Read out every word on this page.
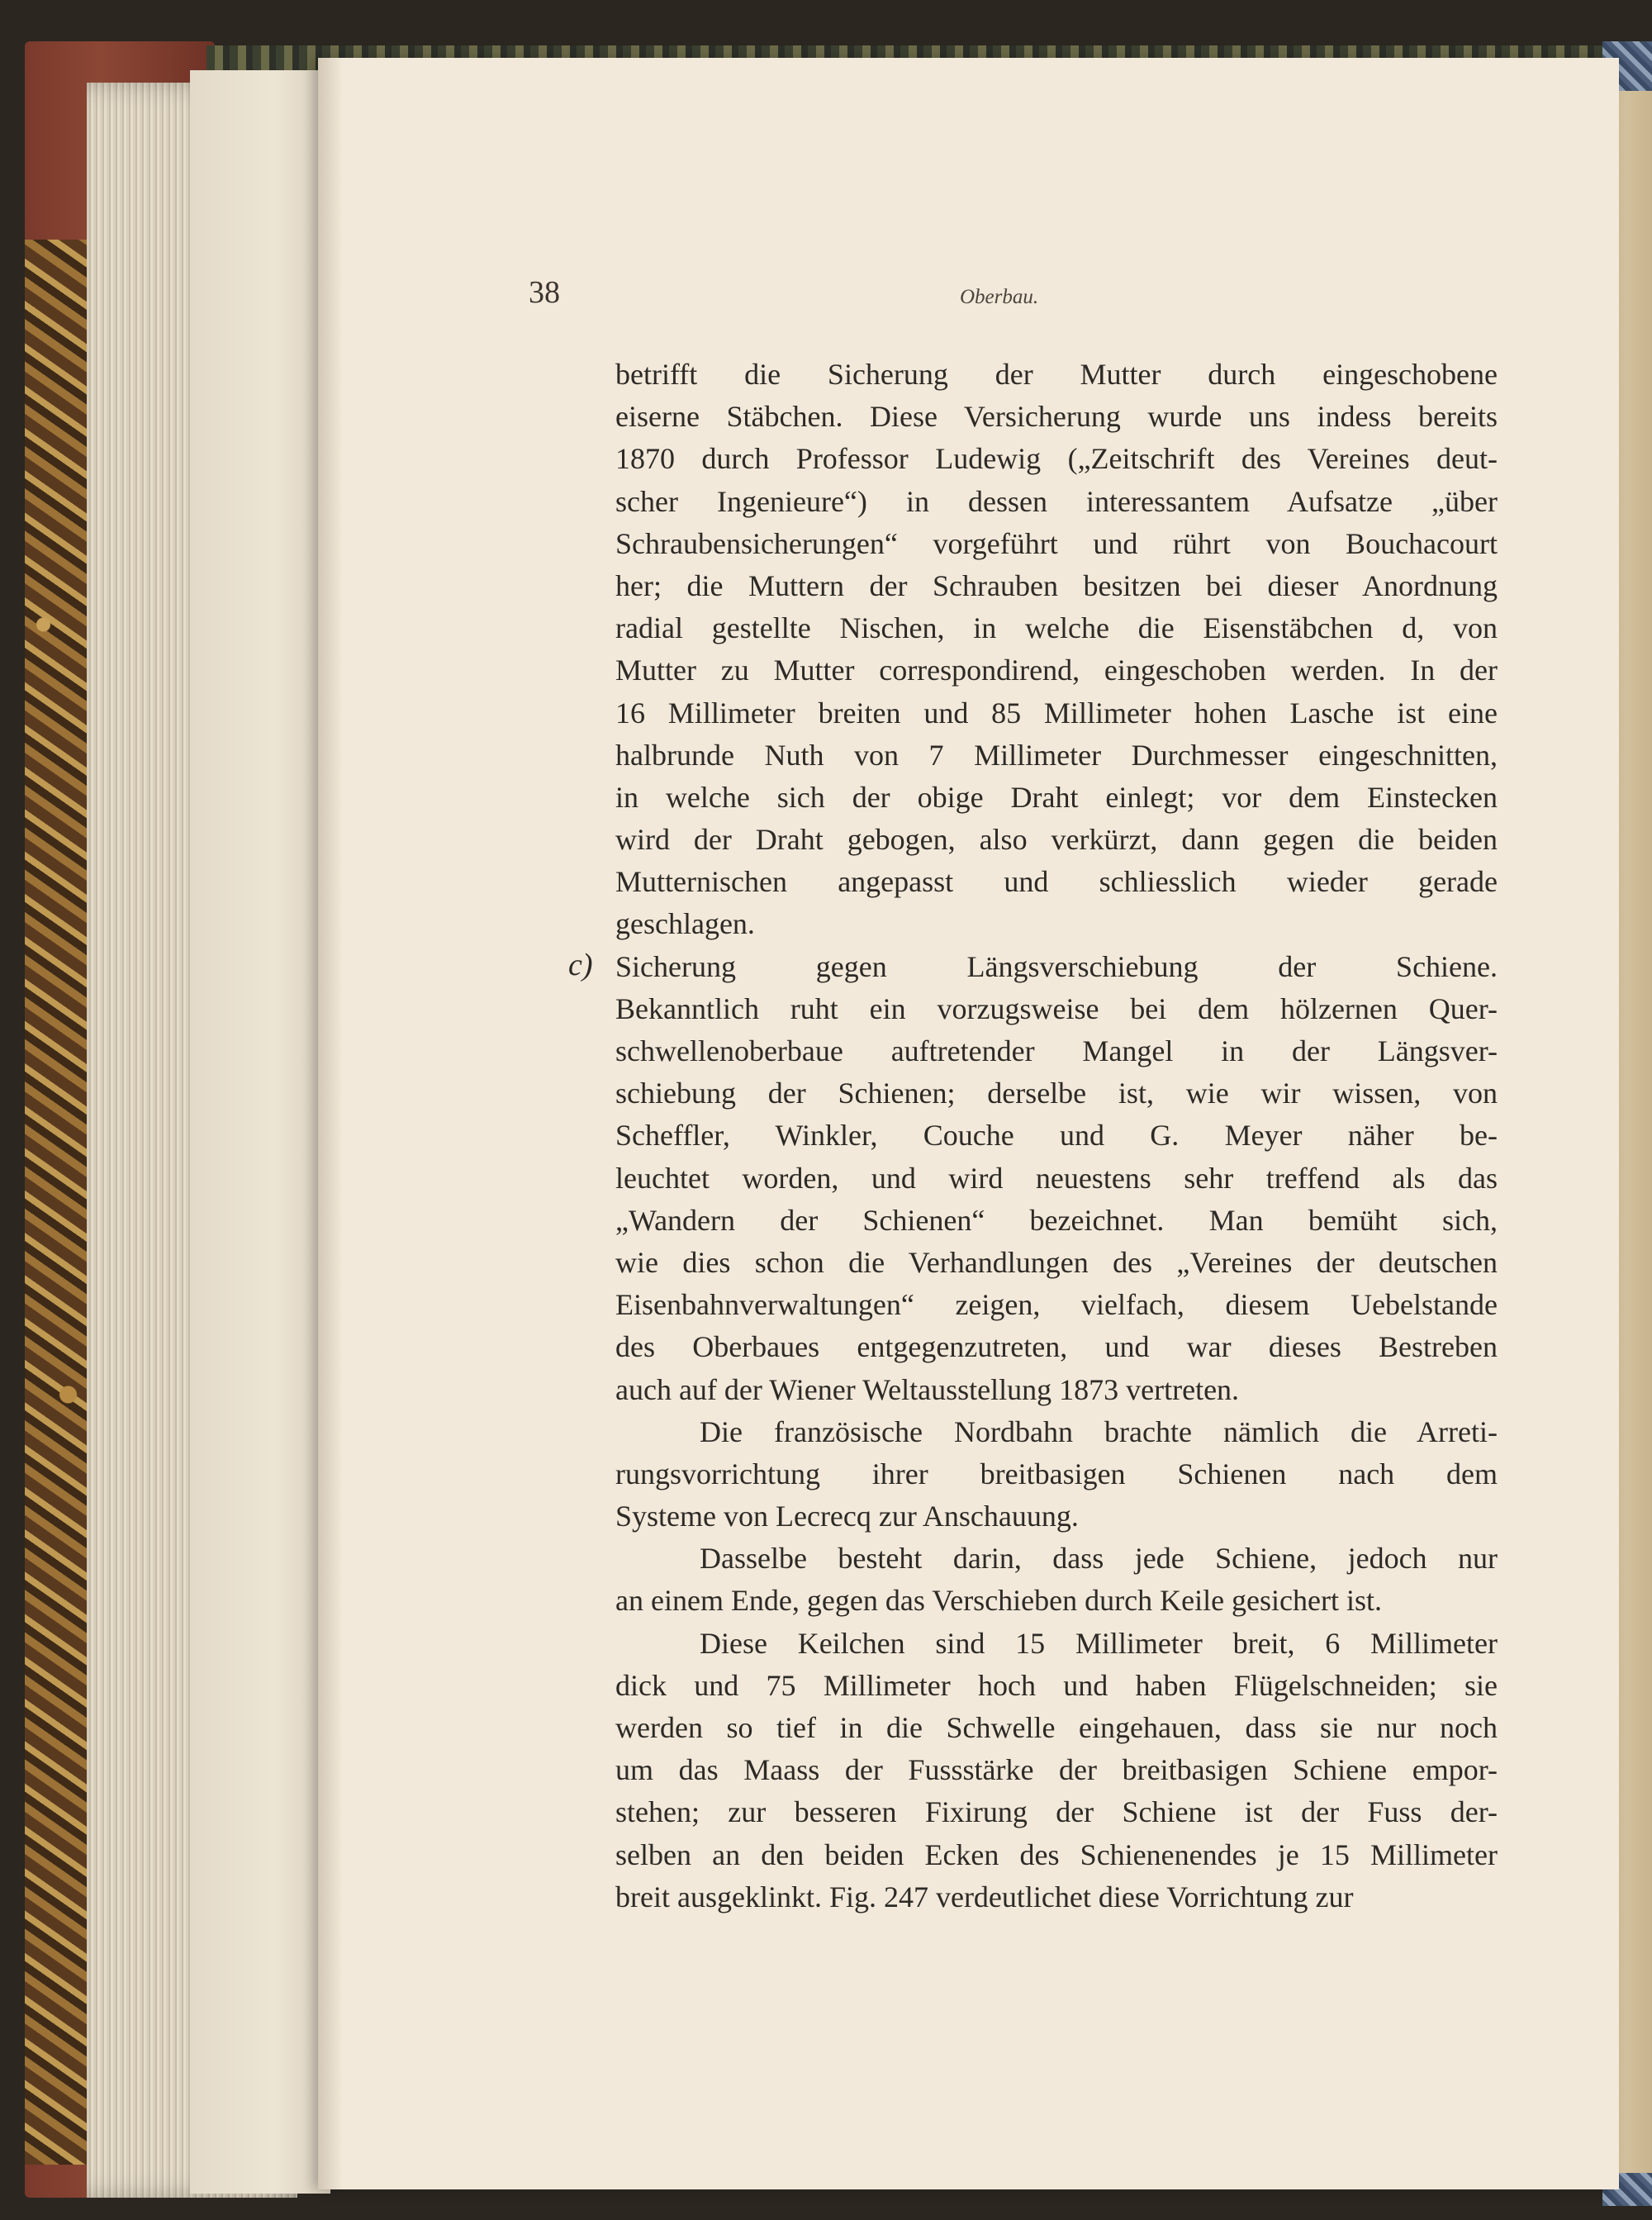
38	Oberbau.
c)
betrifft die Sicherung der Mutter durch eingeschobene
eiserne Stäbchen. Diese Versicherung wurde uns indess bereits
1870 durch Professor Ludewig („Zeitschrift des Vereines deut-
scher Ingenieure“) in dessen interessantem Aufsatze „über
Schraubensicherungen“ vorgeführt und rührt von Bouchacourt
her; die Muttern der Schrauben besitzen bei dieser Anordnung
radial gestellte Nischen, in welche die Eisenstäbchen d, von
Mutter zu Mutter correspondirend, eingeschoben werden. In der
16 Millimeter breiten und 85 Millimeter hohen Lasche ist eine
halbrunde Nuth von 7 Millimeter Durchmesser eingeschnitten,
in welche sich der obige Draht einlegt; vor dem Einstecken
wird der Draht gebogen, also verkürzt, dann gegen die beiden
Mutternischen angepasst und schliesslich wieder gerade
geschlagen.
Sicherung gegen Längsverschiebung der Schiene.
Bekanntlich ruht ein vorzugsweise bei dem hölzernen Quer-
schwellenoberbaue auftretender Mangel in der Längsver-
schiebung der Schienen; derselbe ist, wie wir wissen, von
Scheffler, Winkler, Couche und G. Meyer näher be-
leuchtet worden, und wird neuestens sehr treffend als das
„Wandern der Schienen“ bezeichnet. Man bemüht sich,
wie dies schon die Verhandlungen des „Vereines der deutschen
Eisenbahnverwaltungen“ zeigen, vielfach, diesem Uebelstande
des Oberbaues entgegenzutreten, und war dieses Bestreben
auch auf der Wiener Weltausstellung 1873 vertreten.
Die französische Nordbahn brachte nämlich die Arreti-
rungsvorrichtung ihrer breitbasigen Schienen nach dem
Systeme von Lecrecq zur Anschauung.
Dasselbe besteht darin, dass jede Schiene, jedoch nur
an einem Ende, gegen das Verschieben durch Keile gesichert ist.
Diese Keilchen sind 15 Millimeter breit, 6 Millimeter
dick und 75 Millimeter hoch und haben Flügelschneiden; sie
werden so tief in die Schwelle eingehauen, dass sie nur noch
um das Maass der Fussstärke der breitbasigen Schiene empor-
stehen; zur besseren Fixirung der Schiene ist der Fuss der-
selben an den beiden Ecken des Schienenendes je 15 Millimeter
breit ausgeklinkt. Fig. 247 verdeutlichet diese Vorrichtung zur
